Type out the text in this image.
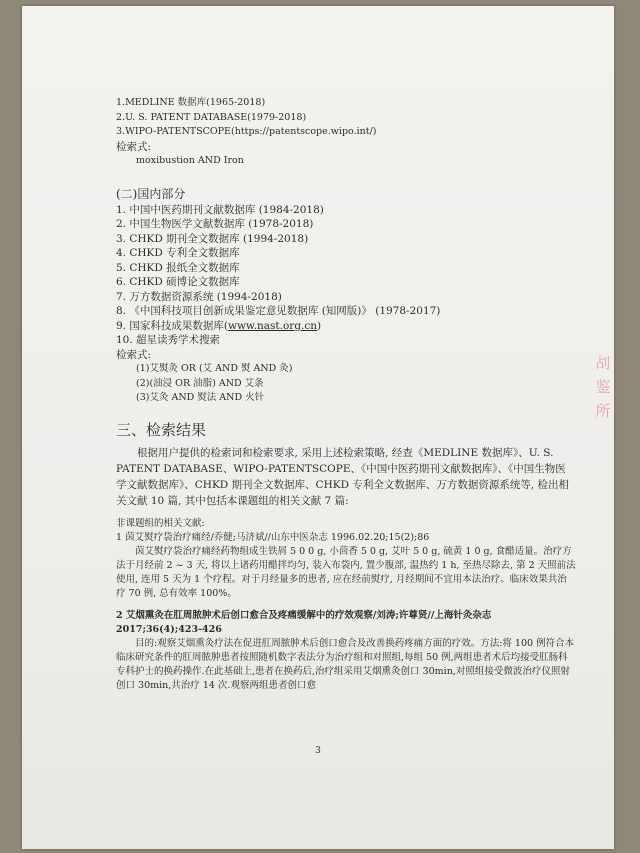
㓠 鉴 所
1.MEDLINE 数据库(1965-2018)
2.U. S. PATENT DATABASE(1979-2018)
3.WIPO-PATENTSCOPE(https://patentscope.wipo.int/)
检索式:
moxibustion AND Iron
(二)国内部分
1. 中国中医药期刊文献数据库 (1984-2018)
2. 中国生物医学文献数据库 (1978-2018)
3. CHKD 期刊全文数据库 (1994-2018)
4. CHKD 专利全文数据库
5. CHKD 报纸全文数据库
6. CHKD 硕博论文数据库
7. 万方数据资源系统 (1994-2018)
8. 《中国科技项目创新成果鉴定意见数据库 (知网版)》 (1978-2017)
9. 国家科技成果数据库(www.nast.org.cn)
10. 超星读秀学术搜索
检索式:
(1)艾熨灸 OR (艾 AND 熨 AND 灸)
(2)(油浸 OR 油脂) AND 艾条
(3)艾灸 AND 熨法 AND 火针
三、检索结果
根据用户提供的检索词和检索要求, 采用上述检索策略, 经查《MEDLINE 数据库》、U. S. PATENT DATABASE、WIPO-PATENTSCOPE、《中国中医药期刊文献数据库》、《中国生物医学文献数据库》、CHKD 期刊全文数据库、CHKD 专利全文数据库、万方数据资源系统等, 检出相关文献 10 篇, 其中包括本课题组的相关文献 7 篇:
非课题组的相关文献:
1 茵艾熨疗袋治疗痛经/乔健;马济斌//山东中医杂志 1996.02.20;15(2);86
茵艾熨疗袋治疗痛经药物组成生铁屑 5 0 0 g, 小茴香 5 0 g, 艾叶 5 0 g, 硫黄 1 0 g, 食醋适量。治疗方法于月经前 2 ~ 3 天, 将以上诸药用醋拌均匀, 装入布袋内, 置少腹部, 温热约 1 h, 至热尽除去, 第 2 天照前法使用, 连用 5 天为 1 个疗程。对于月经量多的患者, 应在经前熨疗, 月经期间不宜用本法治疗。临床效果共治疗 70 例, 总有效率 100%。
2 艾烟熏灸在肛周脓肿术后创口愈合及疼痛缓解中的疗效观察/刘涛;许尊贤//上海针灸杂志 2017;36(4);423-426
目的:观察艾烟熏灸疗法在促进肛周脓肿术后创口愈合及改善换药疼痛方面的疗效。方法:将 100 例符合本临床研究条件的肛周脓肿患者按照随机数字表法分为治疗组和对照组,每组 50 例,两组患者术后均接受肛肠科专科护士的换药操作.在此基础上,患者在换药后,治疗组采用艾烟熏灸创口 30min,对照组接受微波治疗仪照射创口 30min,共治疗 14 次.观察两组患者创口愈
3
